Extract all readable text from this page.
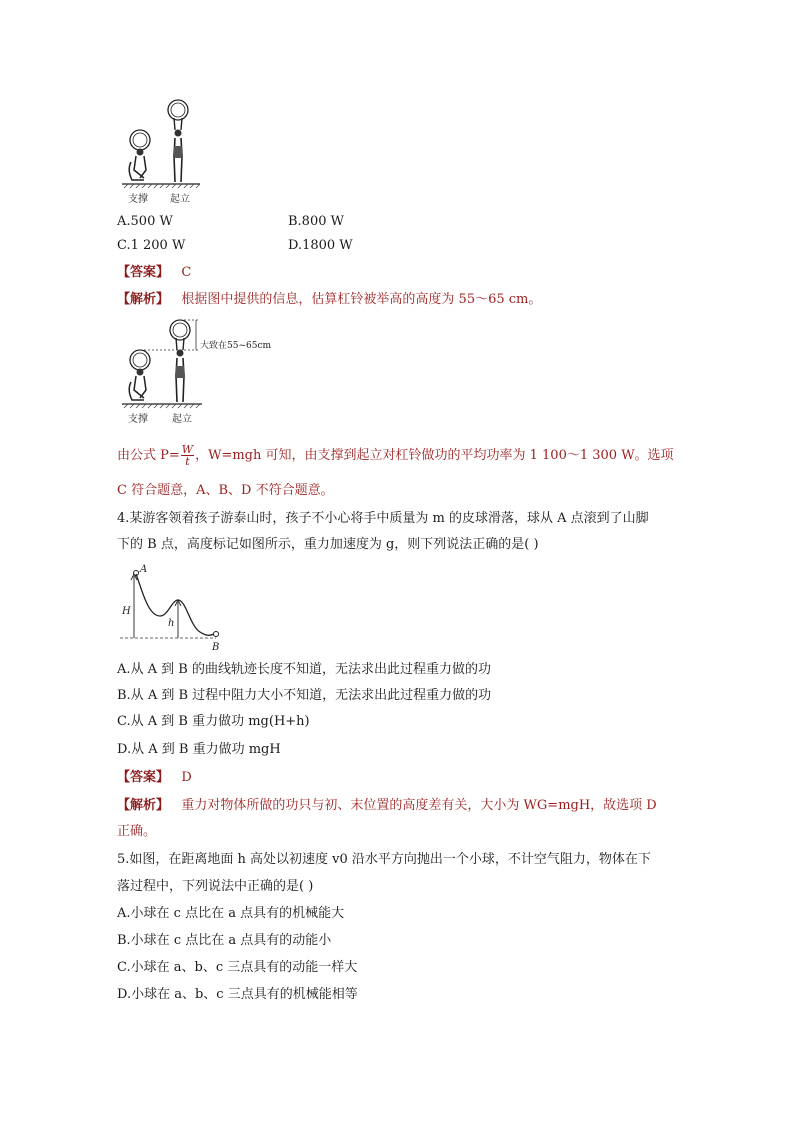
支撑 起立
A.500 W	B.800 W
C.1 200 W	D.1800 W
【答案】 C
【解析】 根据图中提供的信息，估算杠铃被举高的高度为 55～65 cm。
大致在55~65cm
支撑 起立
由公式 $P= \frac{W}{t}$ ，W=mgh 可知，由支撑到起立对杠铃做功的平均功率为 1 100～1 300 W。选项
C 符合题意，A、B、D 不符合题意。
4.某游客领着孩子游泰山时，孩子不小心将手中质量为 m 的皮球滑落，球从 A 点滚到了山脚
下的 B 点，高度标记如图所示，重力加速度为 g，则下列说法正确的是( )
A
B
H
h
A.从 A 到 B 的曲线轨迹长度不知道，无法求出此过程重力做的功
B.从 A 到 B 过程中阻力大小不知道，无法求出此过程重力做的功
C.从 A 到 B 重力做功 mg(H+h)
D.从 A 到 B 重力做功 mgH
【答案】 D
【解析】 重力对物体所做的功只与初、末位置的高度差有关，大小为 WG=mgH，故选项 D
正确。
5.如图，在距离地面 h 高处以初速度 v0 沿水平方向抛出一个小球，不计空气阻力，物体在下
落过程中，下列说法中正确的是( )
A.小球在 c 点比在 a 点具有的机械能大
B.小球在 c 点比在 a 点具有的动能小
C.小球在 a、b、c 三点具有的动能一样大
D.小球在 a、b、c 三点具有的机械能相等
